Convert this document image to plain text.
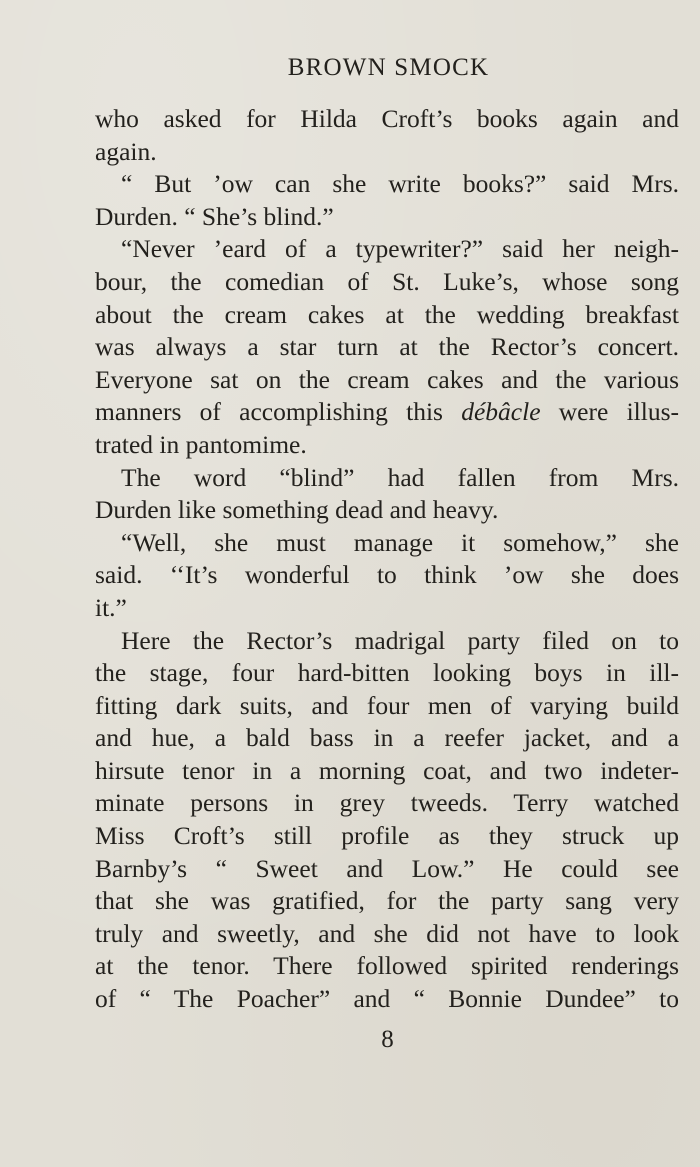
BROWN SMOCK
who asked for Hilda Croft’s books again and
again.
“ But ’ow can she write books?” said Mrs.
Durden. “ She’s blind.”
“Never ’eard of a typewriter?” said her neigh-
bour, the comedian of St. Luke’s, whose song
about the cream cakes at the wedding breakfast
was always a star turn at the Rector’s concert.
Everyone sat on the cream cakes and the various
manners of accomplishing this débâcle were illus-
trated in pantomime.
The word “blind” had fallen from Mrs.
Durden like something dead and heavy.
“Well, she must manage it somehow,” she
said. ‘‘It’s wonderful to think ’ow she does
it.”
Here the Rector’s madrigal party filed on to
the stage, four hard-bitten looking boys in ill-
fitting dark suits, and four men of varying build
and hue, a bald bass in a reefer jacket, and a
hirsute tenor in a morning coat, and two indeter-
minate persons in grey tweeds. Terry watched
Miss Croft’s still profile as they struck up
Barnby’s “ Sweet and Low.” He could see
that she was gratified, for the party sang very
truly and sweetly, and she did not have to look
at the tenor. There followed spirited renderings
of “ The Poacher” and “ Bonnie Dundee” to
8
